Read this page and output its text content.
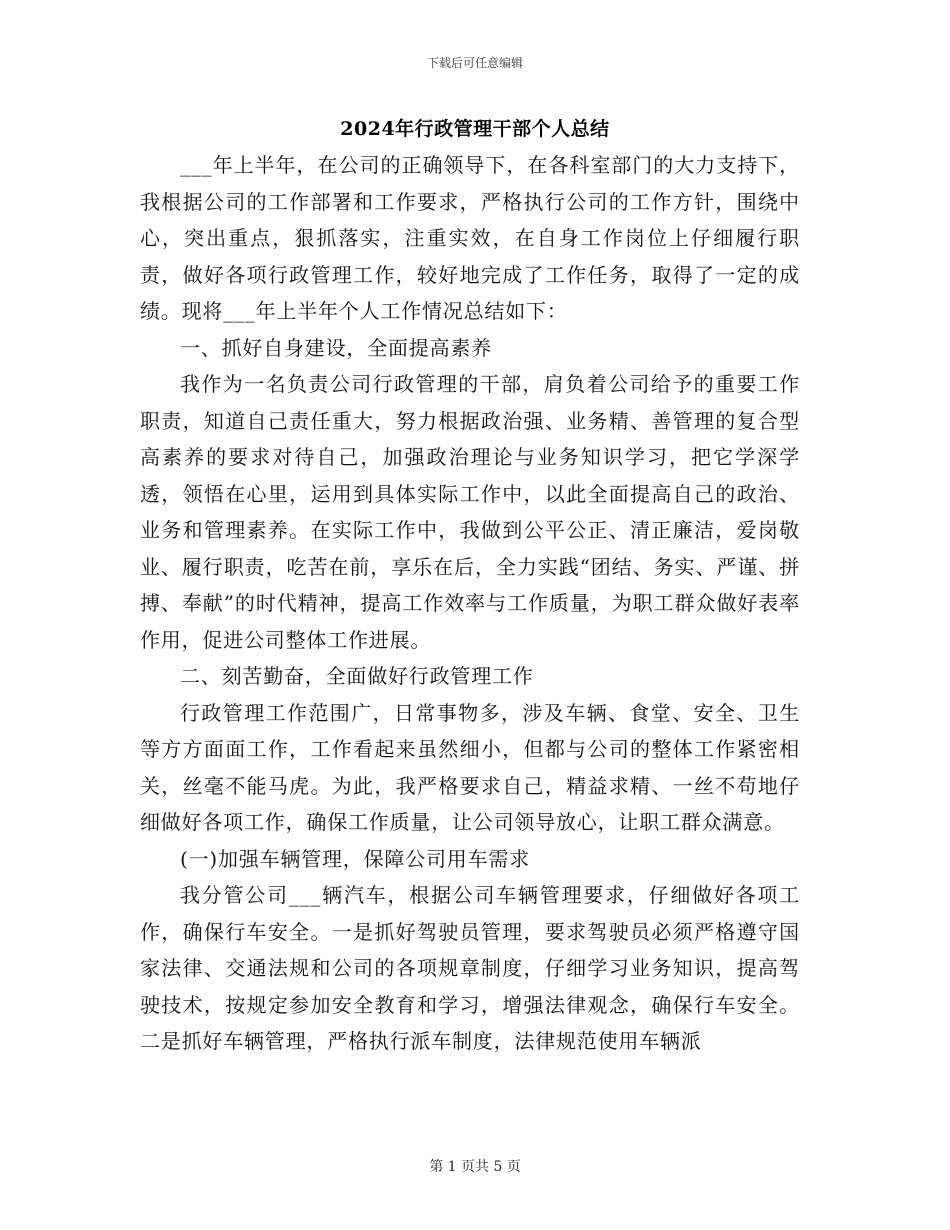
下载后可任意编辑
2024年行政管理干部个人总结

___年上半年，在公司的正确领导下，在各科室部门的大力支持下，我根据公司的工作部署和工作要求，严格执行公司的工作方针，围绕中心，突出重点，狠抓落实，注重实效，在自身工作岗位上仔细履行职责，做好各项行政管理工作，较好地完成了工作任务，取得了一定的成绩。现将___年上半年个人工作情况总结如下：

一、抓好自身建设，全面提高素养

我作为一名负责公司行政管理的干部，肩负着公司给予的重要工作职责，知道自己责任重大，努力根据政治强、业务精、善管理的复合型高素养的要求对待自己，加强政治理论与业务知识学习，把它学深学透，领悟在心里，运用到具体实际工作中，以此全面提高自己的政治、业务和管理素养。在实际工作中，我做到公平公正、清正廉洁，爱岗敬业、履行职责，吃苦在前，享乐在后，全力实践“团结、务实、严谨、拼搏、奉献”的时代精神，提高工作效率与工作质量，为职工群众做好表率作用，促进公司整体工作进展。

二、刻苦勤奋，全面做好行政管理工作

行政管理工作范围广，日常事物多，涉及车辆、食堂、安全、卫生等方方面面工作，工作看起来虽然细小，但都与公司的整体工作紧密相关，丝毫不能马虎。为此，我严格要求自己，精益求精、一丝不苟地仔细做好各项工作，确保工作质量，让公司领导放心，让职工群众满意。

(一)加强车辆管理，保障公司用车需求

我分管公司___辆汽车，根据公司车辆管理要求，仔细做好各项工作，确保行车安全。一是抓好驾驶员管理，要求驾驶员必须严格遵守国家法律、交通法规和公司的各项规章制度，仔细学习业务知识，提高驾驶技术，按规定参加安全教育和学习，增强法律观念，确保行车安全。二是抓好车辆管理，严格执行派车制度，法律规范使用车辆派

第 1 页共 5 页
